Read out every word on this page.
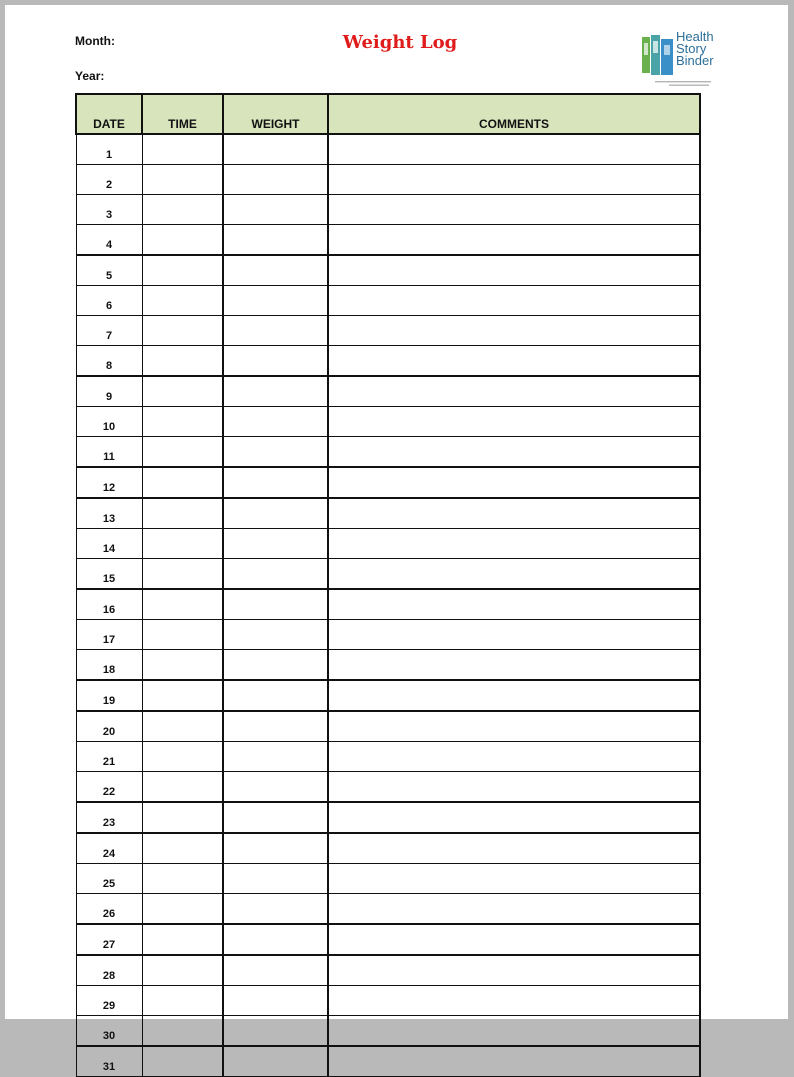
Month:
Year:
Weight Log	Health
Story
Binder
DATE	TIME	WEIGHT	COMMENTS
1			
2			
3			
4			
5			
6			
7			
8			
9			
10			
11			
12			
13			
14			
15			
16			
17			
18			
19			
20			
21			
22			
23			
24			
25			
26			
27			
28			
29			
30			
31			
